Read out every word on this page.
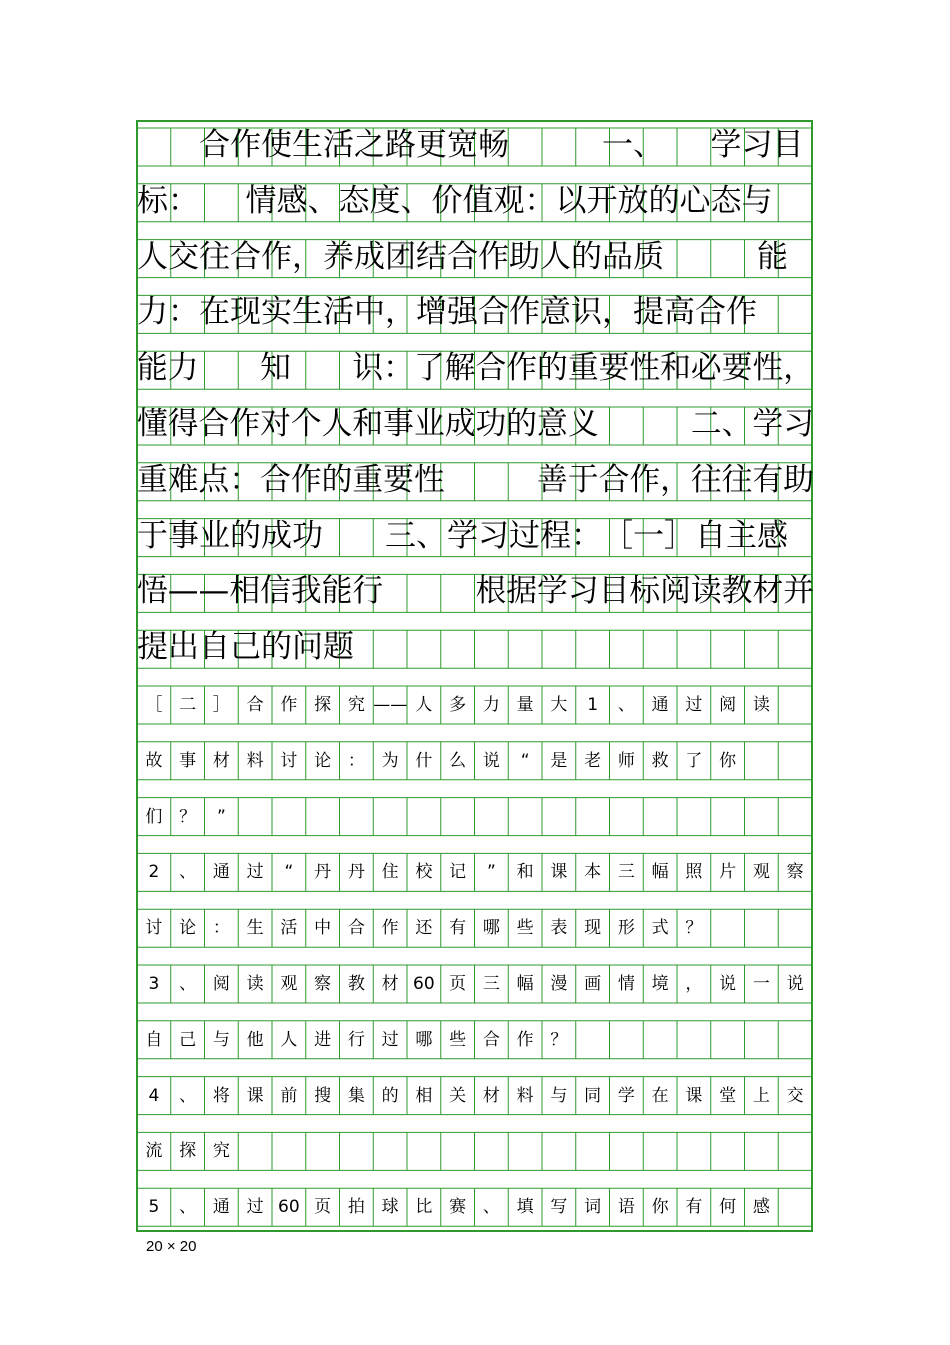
　　合作使生活之路更宽畅　　　一、　　学习目
标：　　情感、态度、价值观：以开放的心态与
人交往合作，养成团结合作助人的品质　　　能
力：在现实生活中，增强合作意识，提高合作
能力　　知　　识：了解合作的重要性和必要性，
懂得合作对个人和事业成功的意义　　　二、学习
重难点：合作的重要性　　　善于合作，往往有助
于事业的成功　　三、学习过程：　［一］自主感
悟——相信我能行　　　根据学习目标阅读教材并
提出自己的问题
［ 二 ］ 合 作 探 究 —— 人 多 力 量 大	1	、 通 过 阅 读
故 事 材 料 讨 论 ： 为 什 么 说	“	是 老 师 救 了 你
们 ？	”
2	、 通 过	“	丹 丹 住 校 记	”	和 课 本 三 幅 照 片 观 察
讨 论 ： 生 活 中 合 作 还 有 哪 些 表 现 形 式 ？
3	、 阅 读 观 察 教 材 60 页 三 幅 漫 画 情 境 ， 说 一 说
自 己 与 他 人 进 行 过 哪 些 合 作 ？
4	、 将 课 前 搜 集 的 相 关 材 料 与 同 学 在 课 堂 上 交
流 探 究
5	、 通 过 60 页 拍 球 比 赛 、 填 写 词 语 你 有 何 感
20 × 20
